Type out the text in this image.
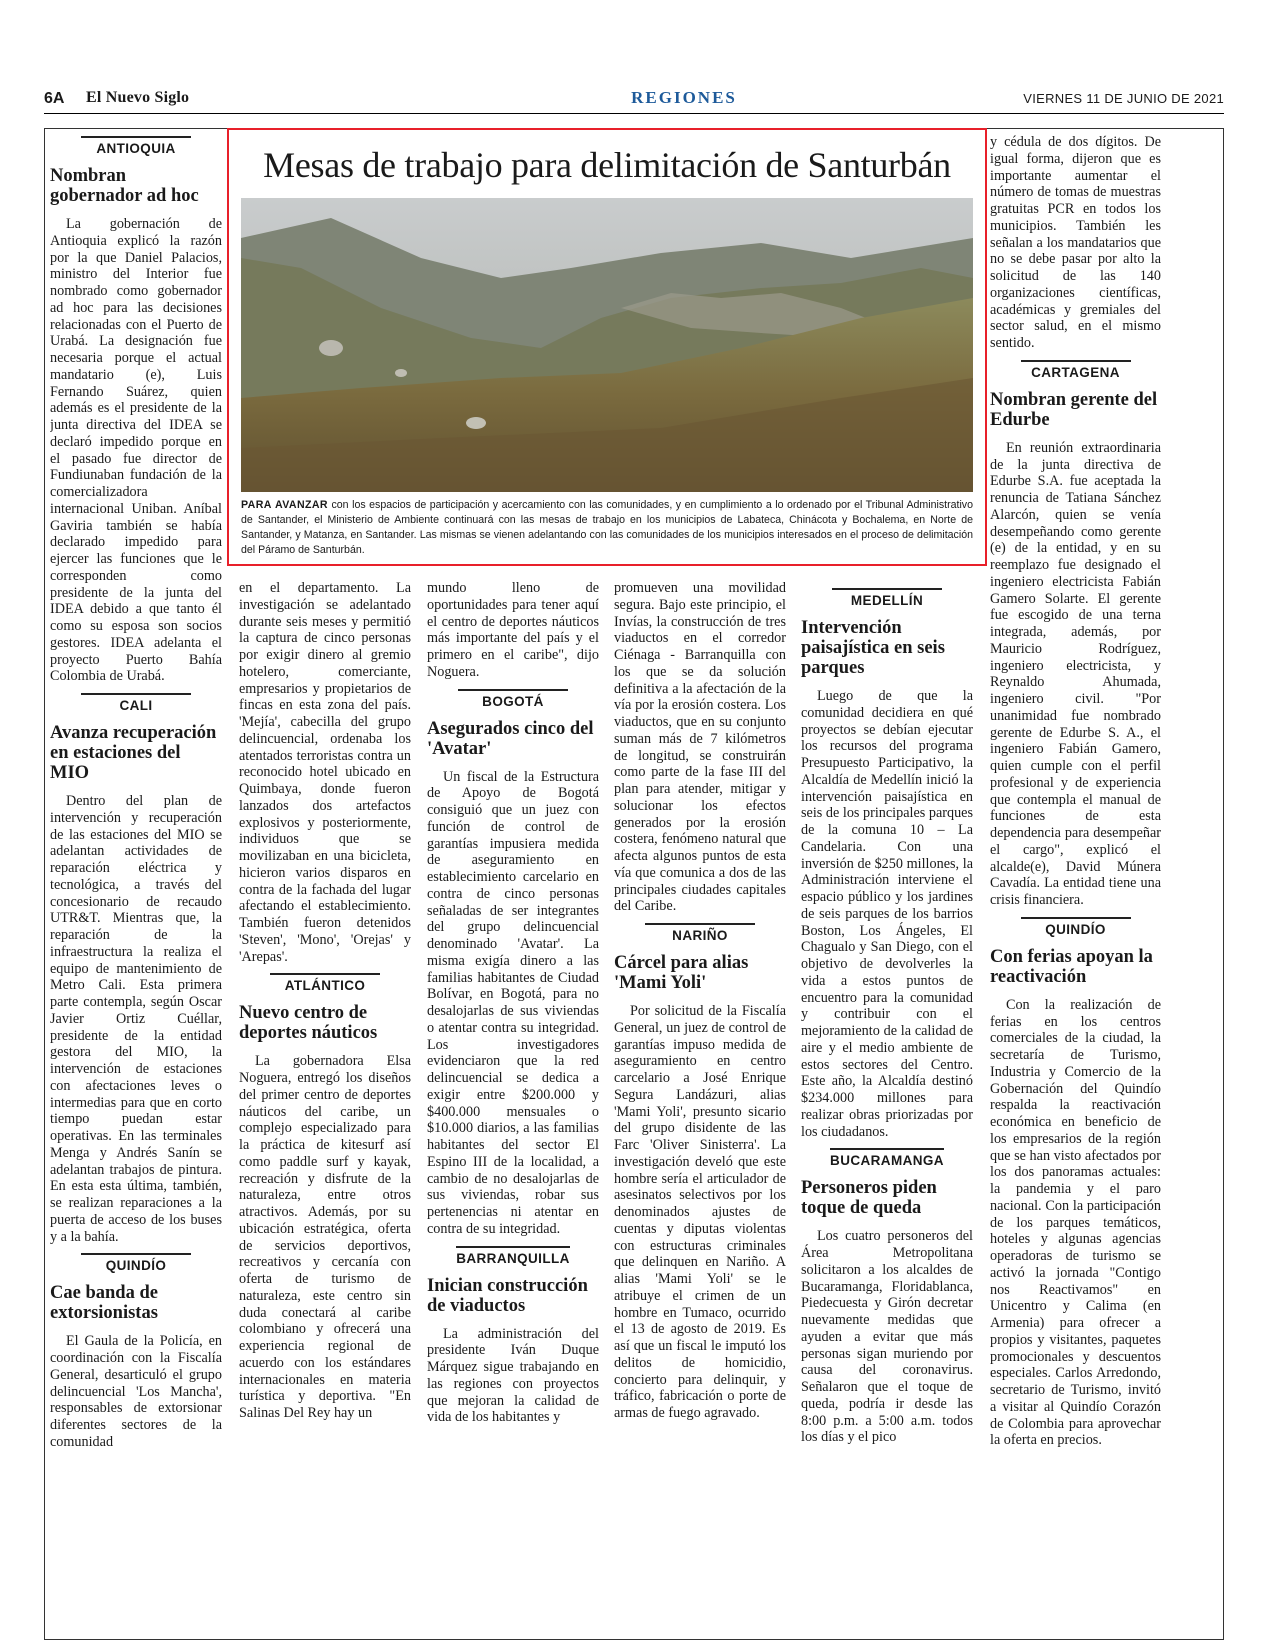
6A El Nuevo Siglo	REGIONES	VIERNES 11 DE JUNIO DE 2021
ANTIOQUIA
Nombran gobernador ad hoc

La gobernación de Antioquia explicó la razón por la que Daniel Palacios, ministro del Interior fue nombrado como gobernador ad hoc para las decisiones relacionadas con el Puerto de Urabá. La designación fue necesaria porque el actual mandatario (e), Luis Fernando Suárez, quien además es el presidente de la junta directiva del IDEA se declaró impedido porque en el pasado fue director de Fundiunaban fundación de la comercializadora internacional Uniban. Aníbal Gaviria también se había declarado impedido para ejercer las funciones que le corresponden como presidente de la junta del IDEA debido a que tanto él como su esposa son socios gestores. IDEA adelanta el proyecto Puerto Bahía Colombia de Urabá.

CALI
Avanza recuperación en estaciones del MIO

Dentro del plan de intervención y recuperación de las estaciones del MIO se adelantan actividades de reparación eléctrica y tecnológica, a través del concesionario de recaudo UTR&T. Mientras que, la reparación de la infraestructura la realiza el equipo de mantenimiento de Metro Cali. Esta primera parte contempla, según Oscar Javier Ortiz Cuéllar, presidente de la entidad gestora del MIO, la intervención de estaciones con afectaciones leves o intermedias para que en corto tiempo puedan estar operativas. En las terminales Menga y Andrés Sanín se adelantan trabajos de pintura. En esta esta última, también, se realizan reparaciones a la puerta de acceso de los buses y a la bahía.

QUINDÍO
Cae banda de extorsionistas

El Gaula de la Policía, en coordinación con la Fiscalía General, desarticuló el grupo delincuencial 'Los Mancha', responsables de extorsionar diferentes sectores de la comunidad

Mesas de trabajo para delimitación de Santurbán
PARA AVANZAR con los espacios de participación y acercamiento con las comunidades, y en cumplimiento a lo ordenado por el Tribunal Administrativo de Santander, el Ministerio de Ambiente continuará con las mesas de trabajo en los municipios de Labateca, Chinácota y Bochalema, en Norte de Santander, y Matanza, en Santander. Las mismas se vienen adelantando con las comunidades de los municipios interesados en el proceso de delimitación del Páramo de Santurbán.

en el departamento. La investigación se adelantado durante seis meses y permitió la captura de cinco personas por exigir dinero al gremio hotelero, comerciante, empresarios y propietarios de fincas en esta zona del país. 'Mejía', cabecilla del grupo delincuencial, ordenaba los atentados terroristas contra un reconocido hotel ubicado en Quimbaya, donde fueron lanzados dos artefactos explosivos y posteriormente, individuos que se movilizaban en una bicicleta, hicieron varios disparos en contra de la fachada del lugar afectando el establecimiento. También fueron detenidos 'Steven', 'Mono', 'Orejas' y 'Arepas'.

ATLÁNTICO
Nuevo centro de deportes náuticos

La gobernadora Elsa Noguera, entregó los diseños del primer centro de deportes náuticos del caribe, un complejo especializado para la práctica de kitesurf así como paddle surf y kayak, recreación y disfrute de la naturaleza, entre otros atractivos. Además, por su ubicación estratégica, oferta de servicios deportivos, recreativos y cercanía con oferta de turismo de naturaleza, este centro sin duda conectará al caribe colombiano y ofrecerá una experiencia regional de acuerdo con los estándares internacionales en materia turística y deportiva. "En Salinas Del Rey hay un

mundo lleno de oportunidades para tener aquí el centro de deportes náuticos más importante del país y el primero en el caribe", dijo Noguera.

BOGOTÁ
Asegurados cinco del 'Avatar'

Un fiscal de la Estructura de Apoyo de Bogotá consiguió que un juez con función de control de garantías impusiera medida de aseguramiento en establecimiento carcelario en contra de cinco personas señaladas de ser integrantes del grupo delincuencial denominado 'Avatar'. La misma exigía dinero a las familias habitantes de Ciudad Bolívar, en Bogotá, para no desalojarlas de sus viviendas o atentar contra su integridad. Los investigadores evidenciaron que la red delincuencial se dedica a exigir entre $200.000 y $400.000 mensuales o $10.000 diarios, a las familias habitantes del sector El Espino III de la localidad, a cambio de no desalojarlas de sus viviendas, robar sus pertenencias ni atentar en contra de su integridad.

BARRANQUILLA
Inician construcción de viaductos

La administración del presidente Iván Duque Márquez sigue trabajando en las regiones con proyectos que mejoran la calidad de vida de los habitantes y

promueven una movilidad segura. Bajo este principio, el Invías, la construcción de tres viaductos en el corredor Ciénaga - Barranquilla con los que se da solución definitiva a la afectación de la vía por la erosión costera. Los viaductos, que en su conjunto suman más de 7 kilómetros de longitud, se construirán como parte de la fase III del plan para atender, mitigar y solucionar los efectos generados por la erosión costera, fenómeno natural que afecta algunos puntos de esta vía que comunica a dos de las principales ciudades capitales del Caribe.

NARIÑO
Cárcel para alias 'Mami Yoli'

Por solicitud de la Fiscalía General, un juez de control de garantías impuso medida de aseguramiento en centro carcelario a José Enrique Segura Landázuri, alias 'Mami Yoli', presunto sicario del grupo disidente de las Farc 'Oliver Sinisterra'. La investigación develó que este hombre sería el articulador de asesinatos selectivos por los denominados ajustes de cuentas y diputas violentas con estructuras criminales que delinquen en Nariño. A alias 'Mami Yoli' se le atribuye el crimen de un hombre en Tumaco, ocurrido el 13 de agosto de 2019. Es así que un fiscal le imputó los delitos de homicidio, concierto para delinquir, y tráfico, fabricación o porte de armas de fuego agravado.

MEDELLÍN
Intervención paisajística en seis parques

Luego de que la comunidad decidiera en qué proyectos se debían ejecutar los recursos del programa Presupuesto Participativo, la Alcaldía de Medellín inició la intervención paisajística en seis de los principales parques de la comuna 10 – La Candelaria. Con una inversión de $250 millones, la Administración interviene el espacio público y los jardines de seis parques de los barrios Boston, Los Ángeles, El Chagualo y San Diego, con el objetivo de devolverles la vida a estos puntos de encuentro para la comunidad y contribuir con el mejoramiento de la calidad de aire y el medio ambiente de estos sectores del Centro. Este año, la Alcaldía destinó $234.000 millones para realizar obras priorizadas por los ciudadanos.

BUCARAMANGA
Personeros piden toque de queda

Los cuatro personeros del Área Metropolitana solicitaron a los alcaldes de Bucaramanga, Floridablanca, Piedecuesta y Girón decretar nuevamente medidas que ayuden a evitar que más personas sigan muriendo por causa del coronavirus. Señalaron que el toque de queda, podría ir desde las 8:00 p.m. a 5:00 a.m. todos los días y el pico

y cédula de dos dígitos. De igual forma, dijeron que es importante aumentar el número de tomas de muestras gratuitas PCR en todos los municipios. También les señalan a los mandatarios que no se debe pasar por alto la solicitud de las 140 organizaciones científicas, académicas y gremiales del sector salud, en el mismo sentido.

CARTAGENA
Nombran gerente del Edurbe

En reunión extraordinaria de la junta directiva de Edurbe S.A. fue aceptada la renuncia de Tatiana Sánchez Alarcón, quien se venía desempeñando como gerente (e) de la entidad, y en su reemplazo fue designado el ingeniero electricista Fabián Gamero Solarte. El gerente fue escogido de una terna integrada, además, por Mauricio Rodríguez, ingeniero electricista, y Reynaldo Ahumada, ingeniero civil. "Por unanimidad fue nombrado gerente de Edurbe S. A., el ingeniero Fabián Gamero, quien cumple con el perfil profesional y de experiencia que contempla el manual de funciones de esta dependencia para desempeñar el cargo", explicó el alcalde(e), David Múnera Cavadía. La entidad tiene una crisis financiera.

QUINDÍO
Con ferias apoyan la reactivación

Con la realización de ferias en los centros comerciales de la ciudad, la secretaría de Turismo, Industria y Comercio de la Gobernación del Quindío respalda la reactivación económica en beneficio de los empresarios de la región que se han visto afectados por los dos panoramas actuales: la pandemia y el paro nacional. Con la participación de los parques temáticos, hoteles y algunas agencias operadoras de turismo se activó la jornada "Contigo nos Reactivamos" en Unicentro y Calima (en Armenia) para ofrecer a propios y visitantes, paquetes promocionales y descuentos especiales. Carlos Arredondo, secretario de Turismo, invitó a visitar al Quindío Corazón de Colombia para aprovechar la oferta en precios.
